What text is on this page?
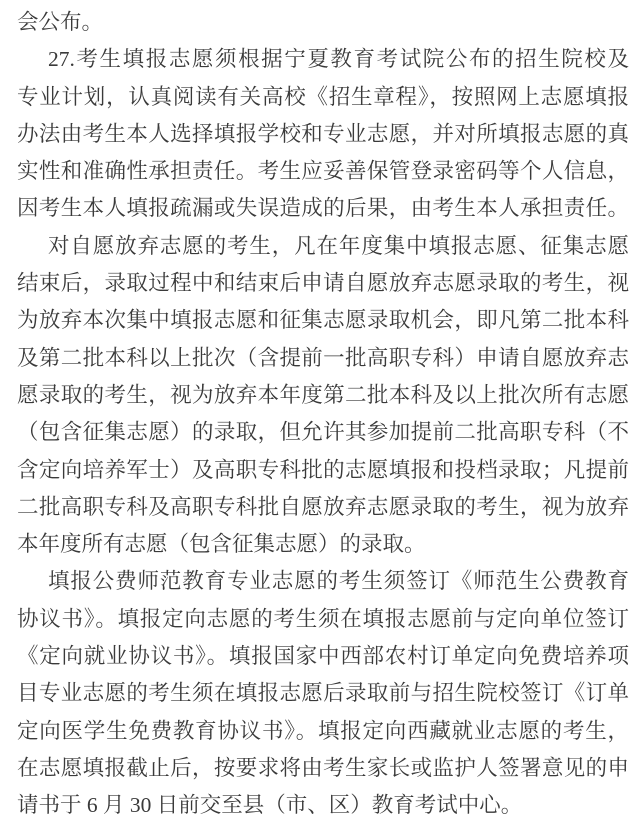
会公布。
27.考生填报志愿须根据宁夏教育考试院公布的招生院校及
专业计划，认真阅读有关高校《招生章程》，按照网上志愿填报
办法由考生本人选择填报学校和专业志愿，并对所填报志愿的真
实性和准确性承担责任。考生应妥善保管登录密码等个人信息，
因考生本人填报疏漏或失误造成的后果，由考生本人承担责任。
对自愿放弃志愿的考生，凡在年度集中填报志愿、征集志愿
结束后，录取过程中和结束后申请自愿放弃志愿录取的考生，视
为放弃本次集中填报志愿和征集志愿录取机会，即凡第二批本科
及第二批本科以上批次（含提前一批高职专科）申请自愿放弃志
愿录取的考生，视为放弃本年度第二批本科及以上批次所有志愿
（包含征集志愿）的录取，但允许其参加提前二批高职专科（不
含定向培养军士）及高职专科批的志愿填报和投档录取；凡提前
二批高职专科及高职专科批自愿放弃志愿录取的考生，视为放弃
本年度所有志愿（包含征集志愿）的录取。
填报公费师范教育专业志愿的考生须签订《师范生公费教育
协议书》。填报定向志愿的考生须在填报志愿前与定向单位签订
《定向就业协议书》。填报国家中西部农村订单定向免费培养项
目专业志愿的考生须在填报志愿后录取前与招生院校签订《订单
定向医学生免费教育协议书》。填报定向西藏就业志愿的考生，
在志愿填报截止后，按要求将由考生家长或监护人签署意见的申
请书于 6 月 30 日前交至县（市、区）教育考试中心。
